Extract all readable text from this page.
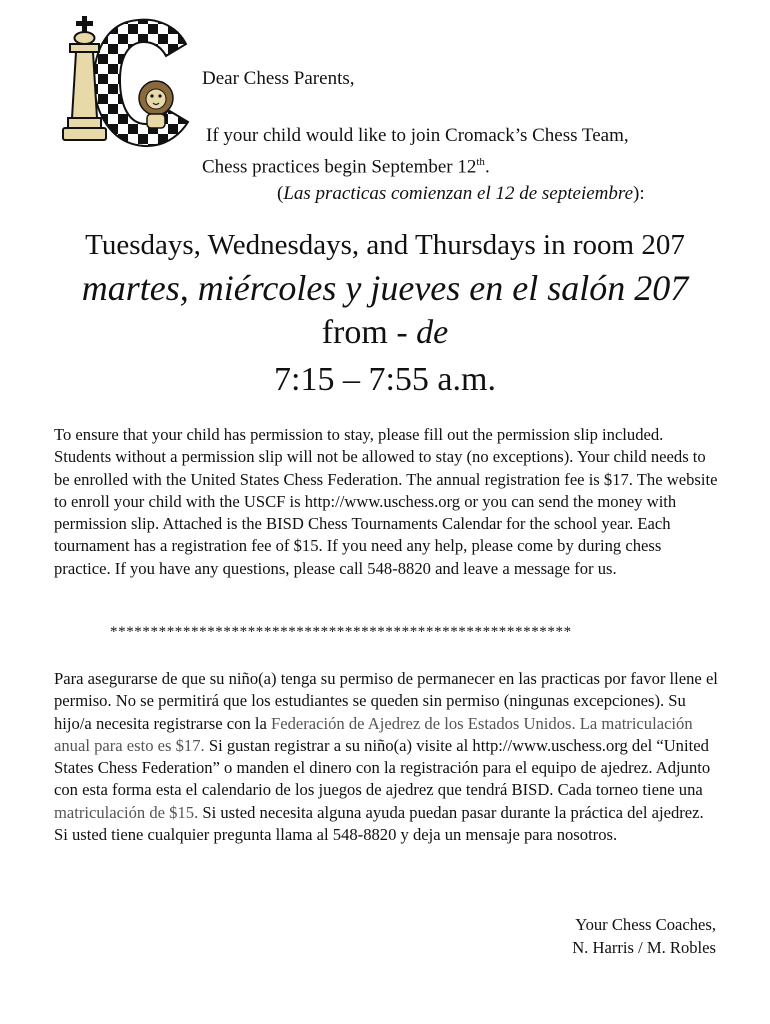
Dear Chess Parents,
If your child would like to join Cromack’s Chess Team,
Chess practices begin September 12th.
(Las practicas comienzan el 12 de septeiembre):
Tuesdays, Wednesdays, and Thursdays in room 207
martes, miércoles y jueves en el salón 207
from - de
7:15 – 7:55 a.m.
To ensure that your child has permission to stay, please fill out the permission slip included. Students without a permission slip will not be allowed to stay (no exceptions). Your child needs to be enrolled with the United States Chess Federation. The annual registration fee is $17. The website to enroll your child with the USCF is http://www.uschess.org or you can send the money with permission slip. Attached is the BISD Chess Tournaments Calendar for the school year. Each tournament has a registration fee of $15. If you need any help, please come by during chess practice. If you have any questions, please call 548-8820 and leave a message for us.
*********************************************************
Para asegurarse de que su niño(a) tenga su permiso de permanecer en las practicas por favor llene el permiso. No se permitirá que los estudiantes se queden sin permiso (ningunas excepciones). Su hijo/a necesita registrarse con la Federación de Ajedrez de los Estados Unidos. La matriculación anual para esto es $17. Si gustan registrar a su niño(a) visite al http://www.uschess.org del “United States Chess Federation” o manden el dinero con la registración para el equipo de ajedrez. Adjunto con esta forma esta el calendario de los juegos de ajedrez que tendrá BISD. Cada torneo tiene una matriculación de $15. Si usted necesita alguna ayuda puedan pasar durante la práctica del ajedrez. Si usted tiene cualquier pregunta llama al 548-8820 y deja un mensaje para nosotros.
Your Chess Coaches,
N. Harris / M. Robles
